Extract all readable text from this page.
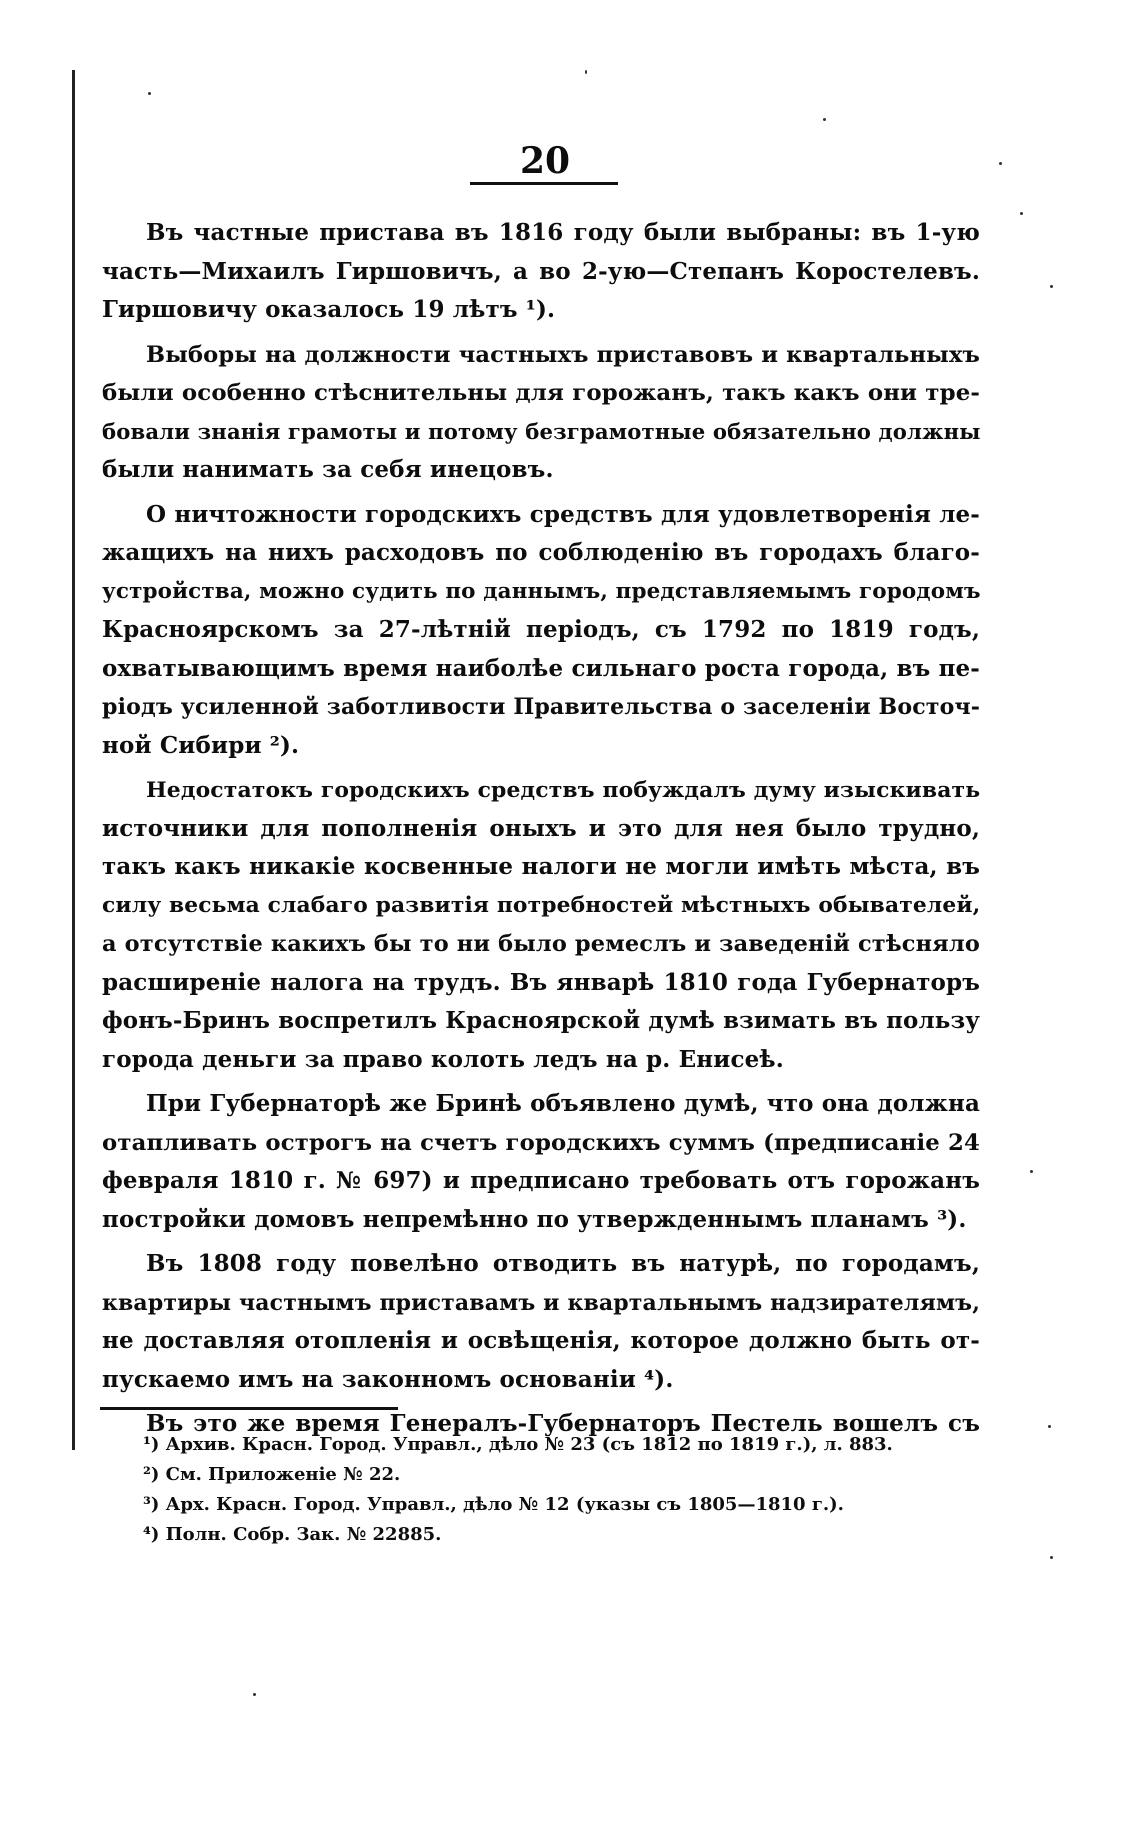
20
Въ частные пристава въ 1816 году были выбраны: въ 1-ую
часть—Михаилъ Гиршовичъ, а во 2-ую—Степанъ Коростелевъ.
Гиршовичу оказалось 19 лѣтъ ¹).
Выборы на должности частныхъ приставовъ и квартальныхъ
были особенно стѣснительны для горожанъ, такъ какъ они тре-
бовали знанія грамоты и потому безграмотные обязательно должны
были нанимать за себя инецовъ.
О ничтожности городскихъ средствъ для удовлетворенія ле-
жащихъ на нихъ расходовъ по соблюденію въ городахъ благо-
устройства, можно судить по даннымъ, представляемымъ городомъ
Красноярскомъ за 27-лѣтній періодъ, съ 1792 по 1819 годъ,
охватывающимъ время наиболѣе сильнаго роста города, въ пе-
ріодъ усиленной заботливости Правительства о заселеніи Восточ-
ной Сибири ²).
Недостатокъ городскихъ средствъ побуждалъ думу изыскивать
источники для пополненія оныхъ и это для нея было трудно,
такъ какъ никакіе косвенные налоги не могли имѣть мѣста, въ
силу весьма слабаго развитія потребностей мѣстныхъ обывателей,
а отсутствіе какихъ бы то ни было ремеслъ и заведеній стѣсняло
расширеніе налога на трудъ. Въ январѣ 1810 года Губернаторъ
фонъ-Бринъ воспретилъ Красноярской думѣ взимать въ пользу
города деньги за право колоть ледъ на р. Енисеѣ.
При Губернаторѣ же Бринѣ объявлено думѣ, что она должна
отапливать острогъ на счетъ городскихъ суммъ (предписаніе 24
февраля 1810 г. № 697) и предписано требовать отъ горожанъ
постройки домовъ непремѣнно по утвержденнымъ планамъ ³).
Въ 1808 году повелѣно отводить въ натурѣ, по городамъ,
квартиры частнымъ приставамъ и квартальнымъ надзирателямъ,
не доставляя отопленія и освѣщенія, которое должно быть от-
пускаемо имъ на законномъ основаніи ⁴).
Въ это же время Генералъ-Губернаторъ Пестель вошелъ съ
¹) Архив. Красн. Город. Управл., дѣло № 23 (съ 1812 по 1819 г.), л. 883.
²) См. Приложеніе № 22.
³) Арх. Красн. Город. Управл., дѣло № 12 (указы съ 1805—1810 г.).
⁴) Полн. Собр. Зак. № 22885.
